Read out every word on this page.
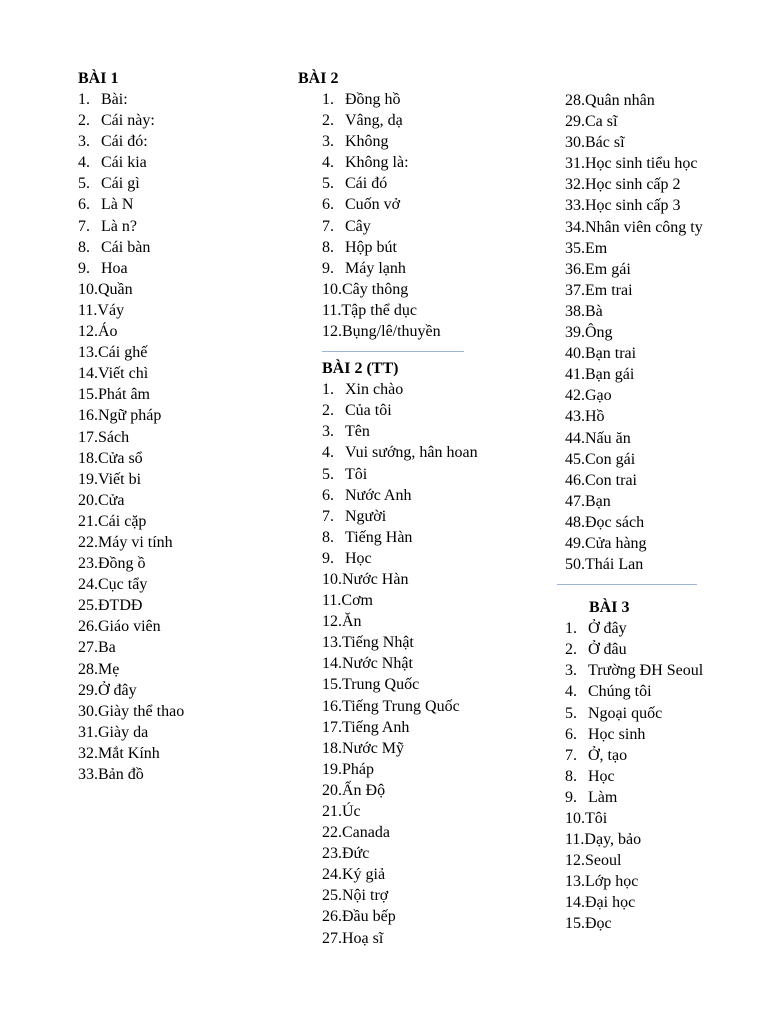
BÀI 1
1. Bài:
2. Cái này:
3. Cái đó:
4. Cái kia
5. Cái gì
6. Là N
7. Là n?
8. Cái bàn
9. Hoa
10.Quần
11.Váy
12.Áo
13.Cái ghế
14.Viết chì
15.Phát âm
16.Ngữ pháp
17.Sách
18.Cửa sổ
19.Viết bi
20.Cửa
21.Cái cặp
22.Máy vi tính
23.Đồng ồ
24.Cục tẩy
25.ĐTDĐ
26.Giáo viên
27.Ba
28.Mẹ
29.Ở đây
30.Giày thể thao
31.Giày da
32.Mắt Kính
33.Bản đồ
BÀI 2
1. Đồng hồ
2. Vâng, dạ
3. Không
4. Không là:
5. Cái đó
6. Cuốn vở
7. Cây
8. Hộp bút
9. Máy lạnh
10.Cây thông
11.Tập thể dục
12.Bụng/lê/thuyền
BÀI 2 (TT)
1. Xin chào
2. Của tôi
3. Tên
4. Vui sướng, hân hoan
5. Tôi
6. Nước Anh
7. Người
8. Tiếng Hàn
9. Học
10.Nước Hàn
11.Cơm
12.Ăn
13.Tiếng Nhật
14.Nước Nhật
15.Trung Quốc
16.Tiếng Trung Quốc
17.Tiếng Anh
18.Nước Mỹ
19.Pháp
20.Ấn Độ
21.Úc
22.Canada
23.Đức
24.Ký giả
25.Nội trợ
26.Đầu bếp
27.Hoạ sĩ
28.Quân nhân
29.Ca sĩ
30.Bác sĩ
31.Học sinh tiểu học
32.Học sinh cấp 2
33.Học sinh cấp 3
34.Nhân viên công ty
35.Em
36.Em gái
37.Em trai
38.Bà
39.Ông
40.Bạn trai
41.Bạn gái
42.Gạo
43.Hồ
44.Nấu ăn
45.Con gái
46.Con trai
47.Bạn
48.Đọc sách
49.Cửa hàng
50.Thái Lan
BÀI 3
1. Ở đây
2. Ở đâu
3. Trường ĐH Seoul
4. Chúng tôi
5. Ngoại quốc
6. Học sinh
7. Ở, tạo
8. Học
9. Làm
10.Tôi
11.Dạy, bảo
12.Seoul
13.Lớp học
14.Đại học
15.Đọc
